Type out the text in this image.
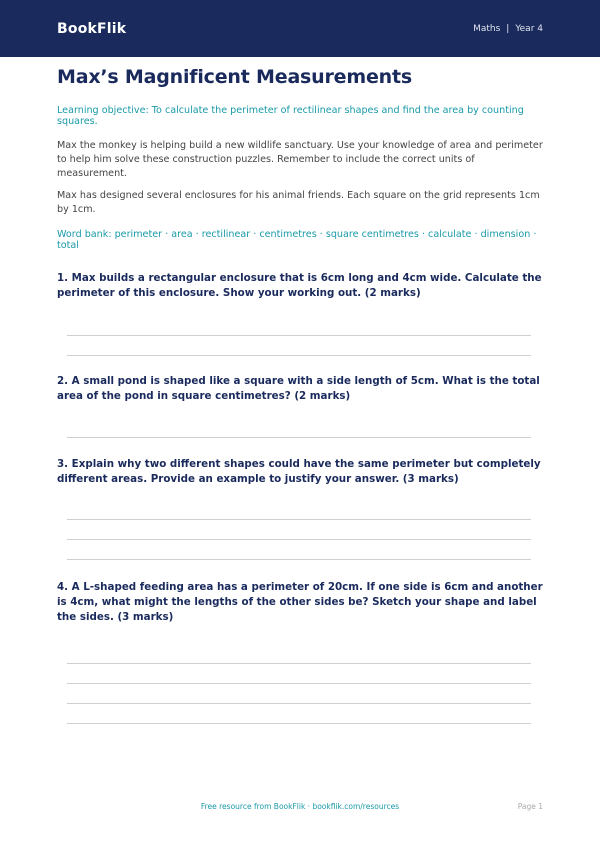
BookFlik	Maths | Year 4
Max’s Magnificent Measurements
Learning objective: To calculate the perimeter of rectilinear shapes and find the area by counting squares.
Max the monkey is helping build a new wildlife sanctuary. Use your knowledge of area and perimeter to help him solve these construction puzzles. Remember to include the correct units of measurement.
Max has designed several enclosures for his animal friends. Each square on the grid represents 1cm by 1cm.
Word bank: perimeter · area · rectilinear · centimetres · square centimetres · calculate · dimension · total
1. Max builds a rectangular enclosure that is 6cm long and 4cm wide. Calculate the perimeter of this enclosure. Show your working out. (2 marks)
2. A small pond is shaped like a square with a side length of 5cm. What is the total area of the pond in square centimetres? (2 marks)
3. Explain why two different shapes could have the same perimeter but completely different areas. Provide an example to justify your answer. (3 marks)
4. A L-shaped feeding area has a perimeter of 20cm. If one side is 6cm and another is 4cm, what might the lengths of the other sides be? Sketch your shape and label the sides. (3 marks)
Free resource from BookFlik · bookflik.com/resources	Page 1
